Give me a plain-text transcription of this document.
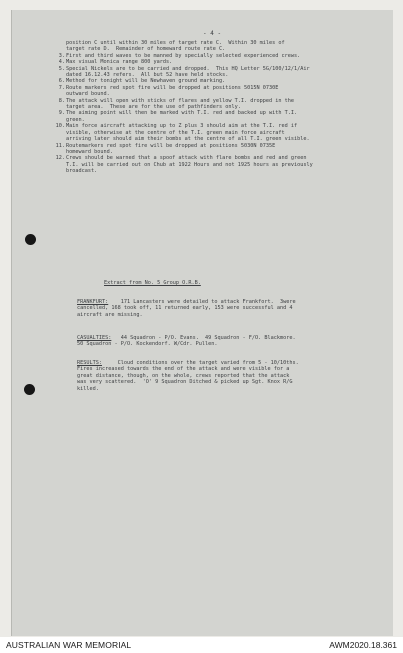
- 4 -
position C until within 30 miles of target rate C.  Within 30 miles of
target rate D.  Remainder of homeward route rate C.
3. First and third waves to be manned by specially selected experienced crews.
4. Max visual Monica range 800 yards.
5. Special Nickels are to be carried and dropped.  This HQ Letter 5G/100/12/1/Air
dated 16.12.43 refers.  All but 52 have held stocks.
6. Method for tonight will be Newhaven ground marking.
7. Route markers red spot fire will be dropped at positions 5015N 0730E
outward bound.
8. The attack will open with sticks of flares and yellow T.I. dropped in the
target area.  These are for the use of pathfinders only.
9. The aiming point will then be marked with T.I. red and backed up with T.I.
green.
10. Main force aircraft attacking up to Z plus 3 should aim at the T.I. red if
visible, otherwise at the centre of the T.I. green main force aircraft
arriving later should aim their bombs at the centre of all T.I. green visible.
11. Routemarkers red spot fire will be dropped at positions 5030N 0735E
homeward bound.
12. Crews should be warned that a spoof attack with flare bombs and red and green
T.I. will be carried out on Chub at 1922 Hours and not 1925 hours as previously
broadcast.
Extract from No. 5 Group O.R.B.
FRANKFURT: 171 Lancasters were detailed to attack Frankfort.  3were
cancelled, 168 took off, 11 returned early, 153 were successful and 4
aircraft are missing.
CASUALTIES: 44 Squadron - P/O. Evans.  49 Squadron - F/O. Blackmore.
50 Squadron - P/O. Kockendorf. W/Cdr. Pullen.
RESULTS:	Cloud conditions over the target varied from 5 - 10/10ths.
Fires increased towards the end of the attack and were visible for a
great distance, though, on the whole, crews reported that the attack
was very scattered.  'O' 9 Squadron Ditched & picked up Sgt. Knox R/G
killed.
AUSTRALIAN WAR MEMORIAL	AWM2020.18.361
